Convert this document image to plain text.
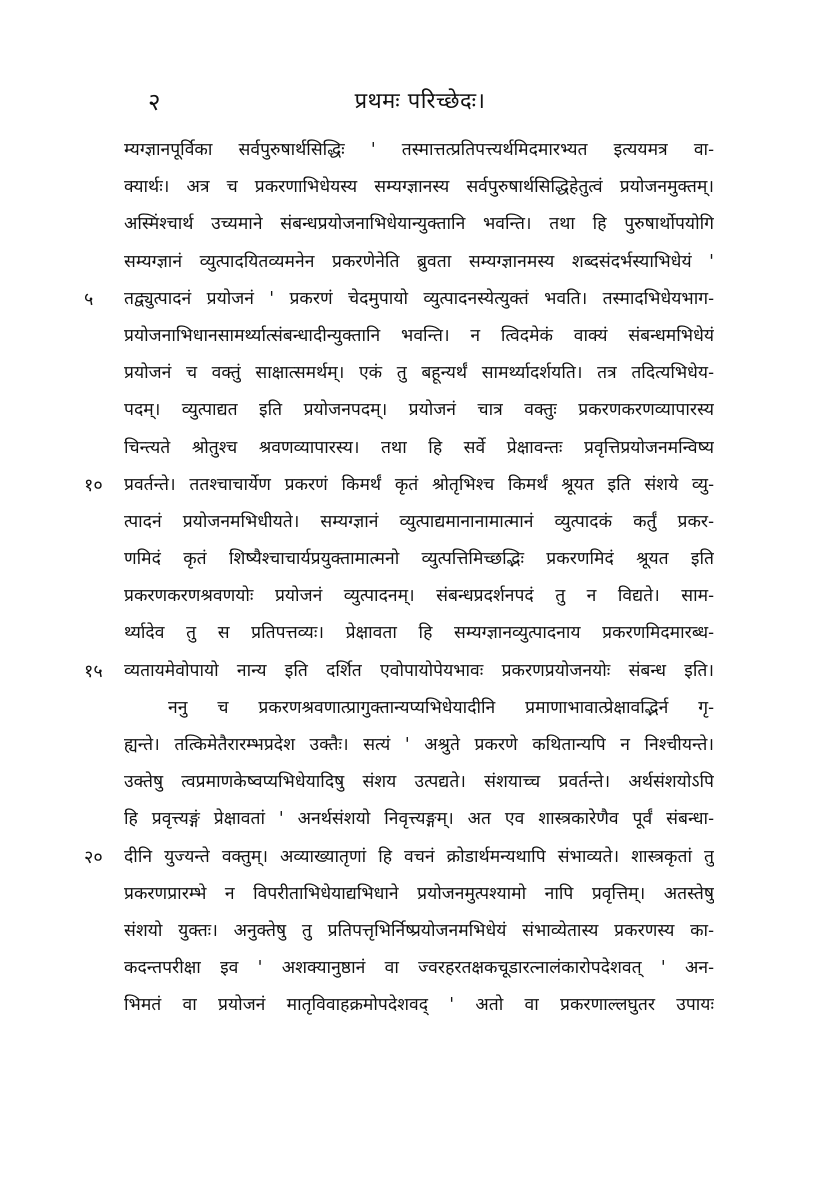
२	प्रथमः परिच्छेदः।
म्यग्ज्ञानपूर्विका सर्वपुरुषार्थसिद्धिः ' तस्मात्तत्प्रतिपत्त्यर्थमिदमारभ्यत इत्ययमत्र वा-
क्यार्थः। अत्र च प्रकरणाभिधेयस्य सम्यग्ज्ञानस्य सर्वपुरुषार्थसिद्धिहेतुत्वं प्रयोजनमुक्तम्।
अस्मिंश्चार्थ उच्यमाने संबन्धप्रयोजनाभिधेयान्युक्तानि भवन्ति। तथा हि पुरुषार्थोपयोगि
सम्यग्ज्ञानं व्युत्पादयितव्यमनेन प्रकरणेनेति ब्रुवता सम्यग्ज्ञानमस्य शब्दसंदर्भस्याभिधेयं '
५	तद्व्युत्पादनं प्रयोजनं ' प्रकरणं चेदमुपायो व्युत्पादनस्येत्युक्तं भवति। तस्मादभिधेयभाग-
प्रयोजनाभिधानसामर्थ्यात्संबन्धादीन्युक्तानि भवन्ति। न त्विदमेकं वाक्यं संबन्धमभिधेयं
प्रयोजनं च वक्तुं साक्षात्समर्थम्। एकं तु बहून्यर्थं सामर्थ्यादर्शयति। तत्र तदित्यभिधेय-
पदम्। व्युत्पाद्यत इति प्रयोजनपदम्। प्रयोजनं चात्र वक्तुः प्रकरणकरणव्यापारस्य
चिन्त्यते श्रोतुश्च श्रवणव्यापारस्य। तथा हि सर्वे प्रेक्षावन्तः प्रवृत्तिप्रयोजनमन्विष्य
१०	प्रवर्तन्ते। ततश्चाचार्येण प्रकरणं किमर्थं कृतं श्रोतृभिश्च किमर्थं श्रूयत इति संशये व्यु-
त्पादनं प्रयोजनमभिधीयते। सम्यग्ज्ञानं व्युत्पाद्यमानानामात्मानं व्युत्पादकं कर्तुं प्रकर-
णमिदं कृतं शिष्यैश्चाचार्यप्रयुक्तामात्मनो व्युत्पत्तिमिच्छद्भिः प्रकरणमिदं श्रूयत इति
प्रकरणकरणश्रवणयोः प्रयोजनं व्युत्पादनम्। संबन्धप्रदर्शनपदं तु न विद्यते। साम-
र्थ्यादेव तु स प्रतिपत्तव्यः। प्रेक्षावता हि सम्यग्ज्ञानव्युत्पादनाय प्रकरणमिदमारब्ध-
१५	व्यतायमेवोपायो नान्य इति दर्शित एवोपायोपेयभावः प्रकरणप्रयोजनयोः संबन्ध इति।
ननु च प्रकरणश्रवणात्प्रागुक्तान्यप्यभिधेयादीनि प्रमाणाभावात्प्रेक्षावद्भिर्न गृ-
ह्यन्ते। तत्किमेतैरारम्भप्रदेश उक्तैः। सत्यं ' अश्रुते प्रकरणे कथितान्यपि न निश्चीयन्ते।
उक्तेषु त्वप्रमाणकेष्वप्यभिधेयादिषु संशय उत्पद्यते। संशयाच्च प्रवर्तन्ते। अर्थसंशयोऽपि
हि प्रवृत्त्यङ्गं प्रेक्षावतां ' अनर्थसंशयो निवृत्त्यङ्गम्। अत एव शास्त्रकारेणैव पूर्वं संबन्धा-
२०	दीनि युज्यन्ते वक्तुम्। अव्याख्यातृणां हि वचनं क्रोडार्थमन्यथापि संभाव्यते। शास्त्रकृतां तु
प्रकरणप्रारम्भे न विपरीताभिधेयाद्यभिधाने प्रयोजनमुत्पश्यामो नापि प्रवृत्तिम्। अतस्तेषु
संशयो युक्तः। अनुक्तेषु तु प्रतिपत्तृभिर्निष्प्रयोजनमभिधेयं संभाव्येतास्य प्रकरणस्य का-
कदन्तपरीक्षा इव ' अशक्यानुष्ठानं वा ज्वरहरतक्षकचूडारत्नालंकारोपदेशवत् ' अन-
भिमतं वा प्रयोजनं मातृविवाहक्रमोपदेशवद् ' अतो वा प्रकरणाल्लघुतर उपायः
